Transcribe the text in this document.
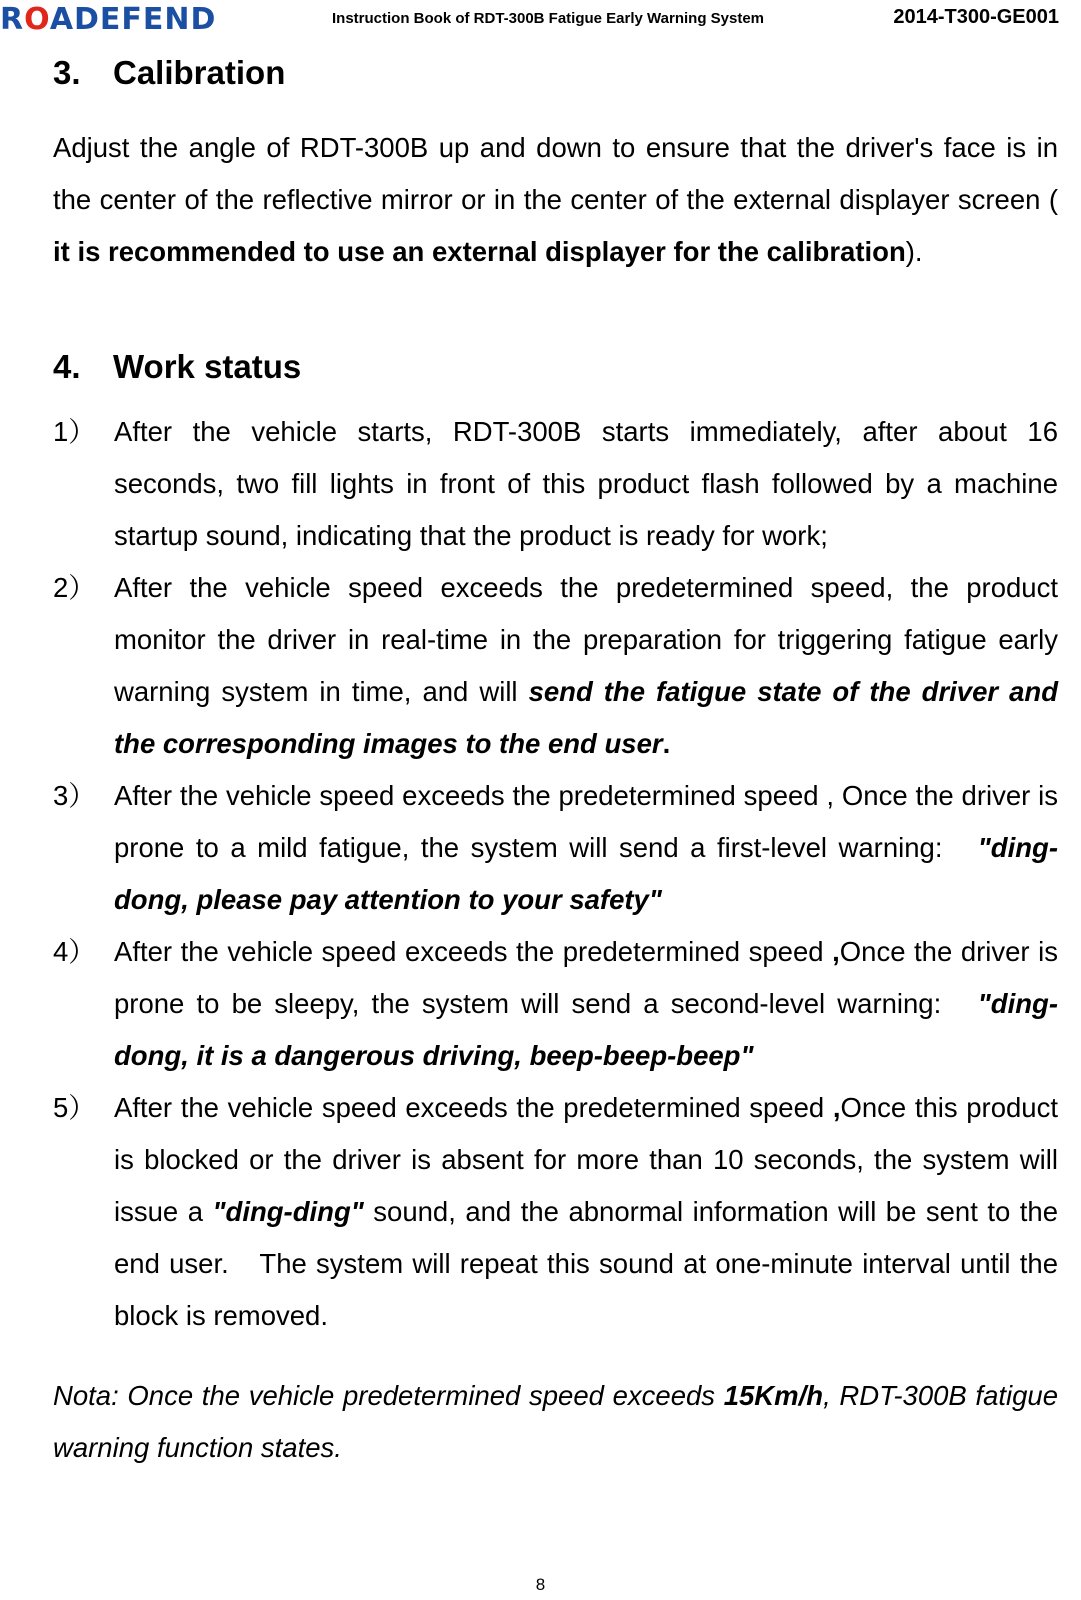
ROADEFEND	Instruction Book of RDT-300B Fatigue Early Warning System	2014-T300-GE001
3. Calibration

Adjust the angle of RDT-300B up and down to ensure that the driver's face is in the center of the reflective mirror or in the center of the external displayer screen ( it is recommended to use an external displayer for the calibration).

4. Work status
1） After the vehicle starts, RDT-300B starts immediately, after about 16 seconds, two fill lights in front of this product flash followed by a machine startup sound, indicating that the product is ready for work;
2） After the vehicle speed exceeds the predetermined speed, the product monitor the driver in real-time in the preparation for triggering fatigue early warning system in time, and will send the fatigue state of the driver and the corresponding images to the end user.
3） After the vehicle speed exceeds the predetermined speed , Once the driver is prone to a mild fatigue, the system will send a first-level warning:　"ding-dong, please pay attention to your safety"
4） After the vehicle speed exceeds the predetermined speed ,Once the driver is prone to be sleepy, the system will send a second-level warning:　"ding-dong, it is a dangerous driving, beep-beep-beep"
5） After the vehicle speed exceeds the predetermined speed ,Once this product is blocked or the driver is absent for more than 10 seconds, the system will issue a "ding-ding" sound, and the abnormal information will be sent to the end user.　The system will repeat this sound at one-minute interval until the block is removed.

Nota: Once the vehicle predetermined speed exceeds 15Km/h, RDT-300B fatigue warning function states.

8
